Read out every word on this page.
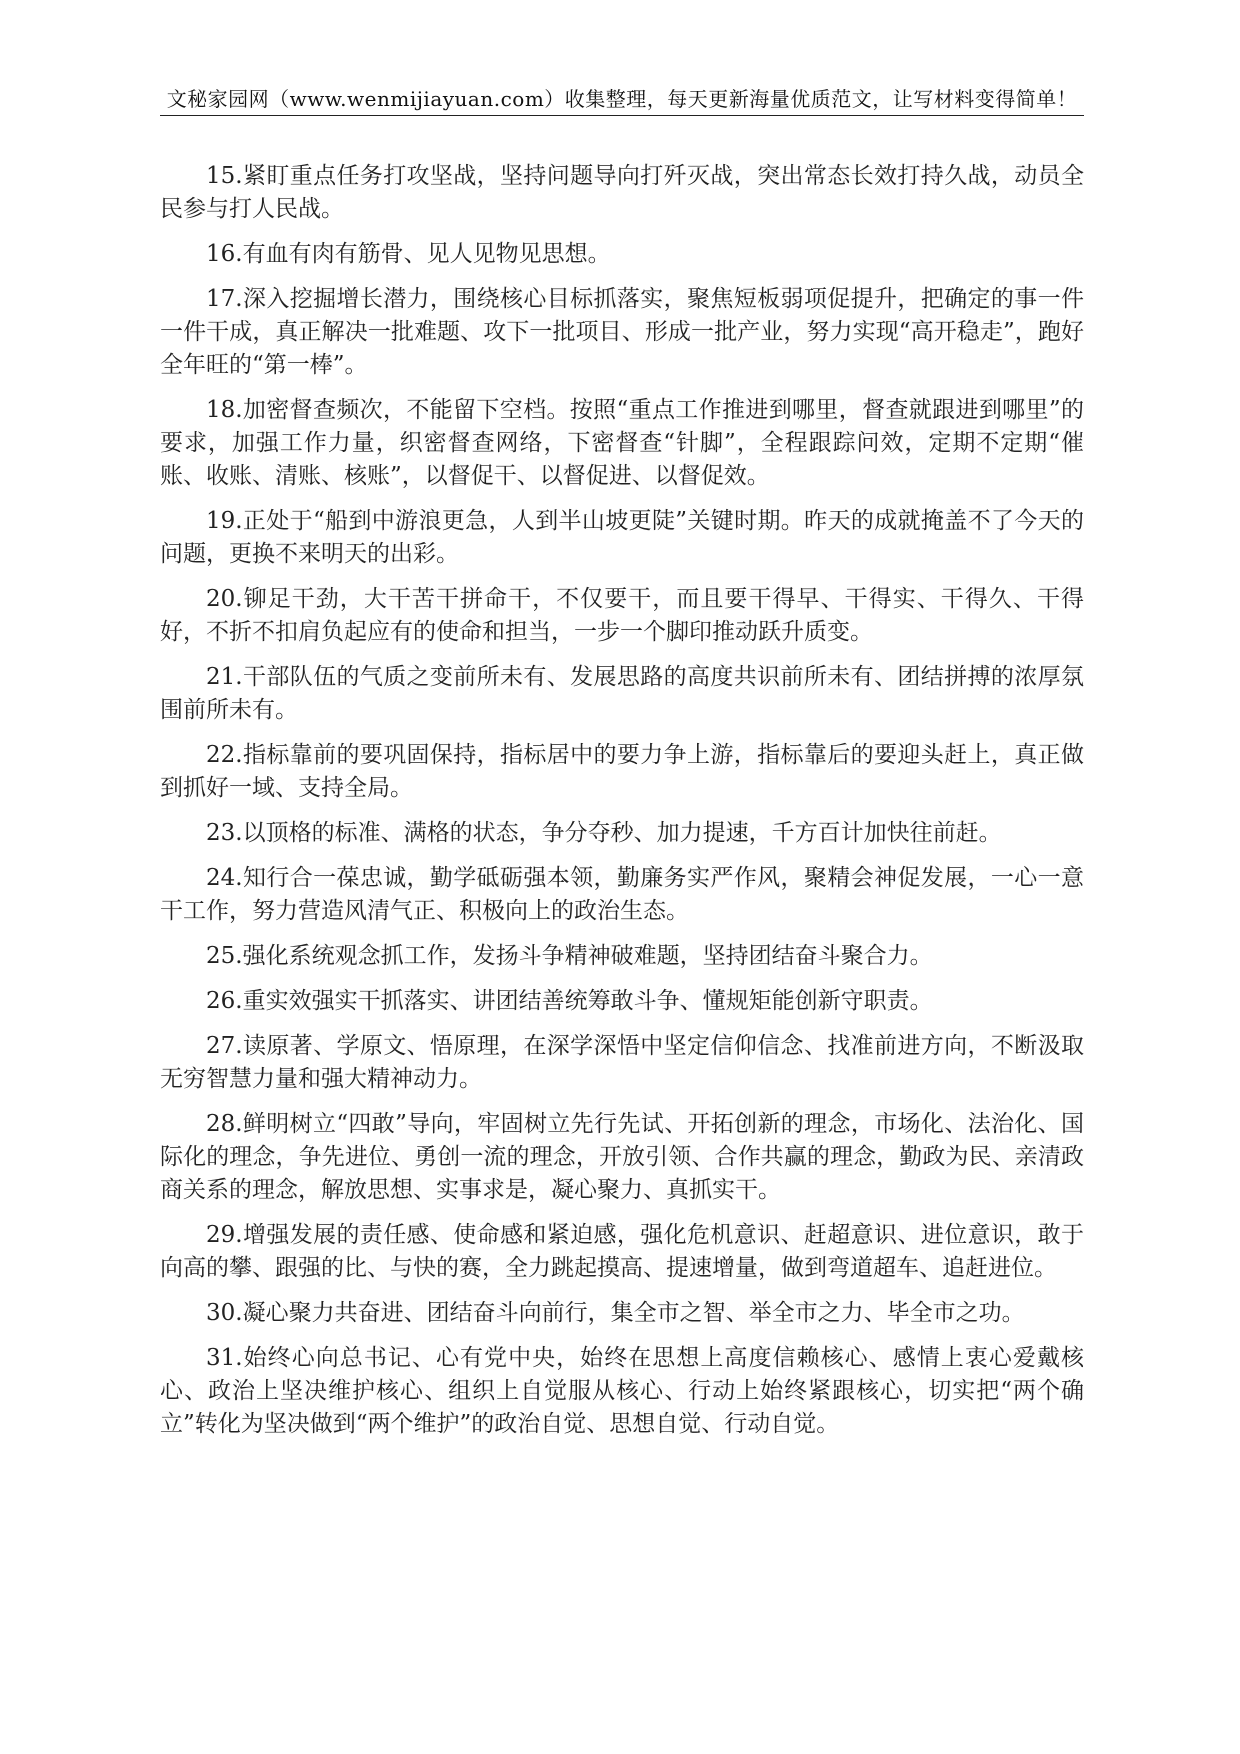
文秘家园网（www.wenmijiayuan.com）收集整理，每天更新海量优质范文，让写材料变得简单！

15.紧盯重点任务打攻坚战，坚持问题导向打歼灭战，突出常态长效打持久战，动员全民参与打人民战。

16.有血有肉有筋骨、见人见物见思想。

17.深入挖掘增长潜力，围绕核心目标抓落实，聚焦短板弱项促提升，把确定的事一件一件干成，真正解决一批难题、攻下一批项目、形成一批产业，努力实现“高开稳走”，跑好全年旺的“第一棒”。

18.加密督查频次，不能留下空档。按照“重点工作推进到哪里，督查就跟进到哪里”的要求，加强工作力量，织密督查网络，下密督查“针脚”，全程跟踪问效，定期不定期“催账、收账、清账、核账”，以督促干、以督促进、以督促效。

19.正处于“船到中游浪更急，人到半山坡更陡”关键时期。昨天的成就掩盖不了今天的问题，更换不来明天的出彩。

20.铆足干劲，大干苦干拼命干，不仅要干，而且要干得早、干得实、干得久、干得好，不折不扣肩负起应有的使命和担当，一步一个脚印推动跃升质变。

21.干部队伍的气质之变前所未有、发展思路的高度共识前所未有、团结拼搏的浓厚氛围前所未有。

22.指标靠前的要巩固保持，指标居中的要力争上游，指标靠后的要迎头赶上，真正做到抓好一域、支持全局。

23.以顶格的标准、满格的状态，争分夺秒、加力提速，千方百计加快往前赶。

24.知行合一葆忠诚，勤学砥砺强本领，勤廉务实严作风，聚精会神促发展，一心一意干工作，努力营造风清气正、积极向上的政治生态。

25.强化系统观念抓工作，发扬斗争精神破难题，坚持团结奋斗聚合力。

26.重实效强实干抓落实、讲团结善统筹敢斗争、懂规矩能创新守职责。

27.读原著、学原文、悟原理，在深学深悟中坚定信仰信念、找准前进方向，不断汲取无穷智慧力量和强大精神动力。

28.鲜明树立“四敢”导向，牢固树立先行先试、开拓创新的理念，市场化、法治化、国际化的理念，争先进位、勇创一流的理念，开放引领、合作共赢的理念，勤政为民、亲清政商关系的理念，解放思想、实事求是，凝心聚力、真抓实干。

29.增强发展的责任感、使命感和紧迫感，强化危机意识、赶超意识、进位意识，敢于向高的攀、跟强的比、与快的赛，全力跳起摸高、提速增量，做到弯道超车、追赶进位。

30.凝心聚力共奋进、团结奋斗向前行，集全市之智、举全市之力、毕全市之功。

31.始终心向总书记、心有党中央，始终在思想上高度信赖核心、感情上衷心爱戴核心、政治上坚决维护核心、组织上自觉服从核心、行动上始终紧跟核心，切实把“两个确立”转化为坚决做到“两个维护”的政治自觉、思想自觉、行动自觉。
